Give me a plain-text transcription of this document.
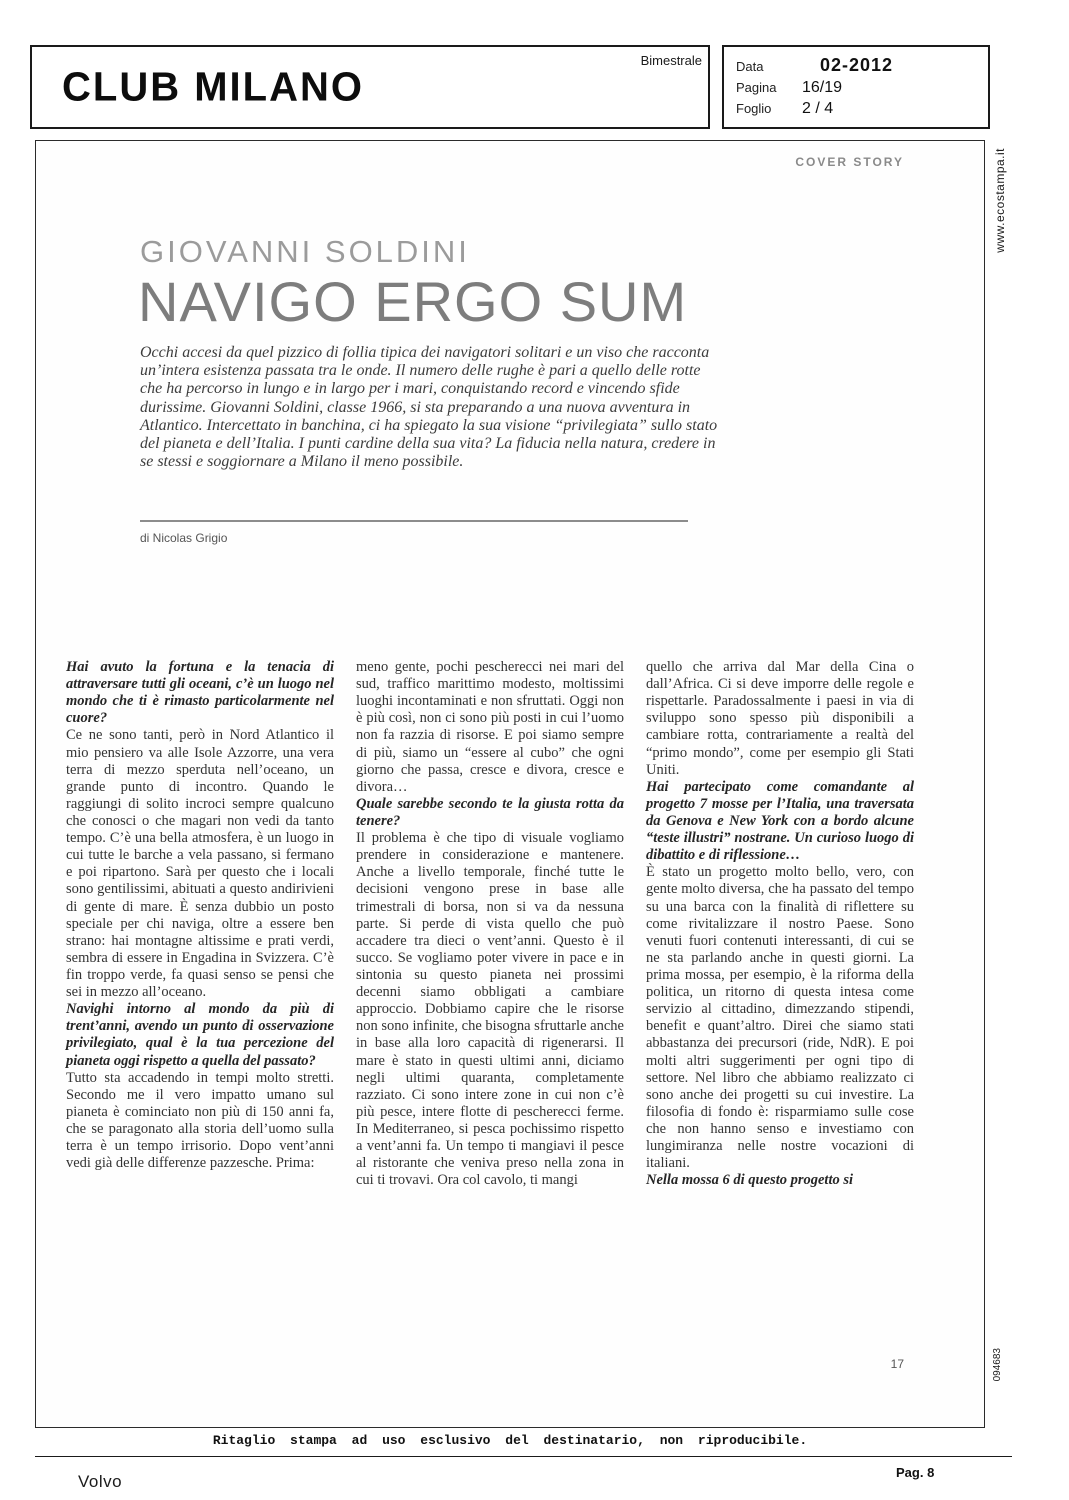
CLUB MILANO
Bimestrale	Data	02-2012
Pagina	16/19
Foglio	2 / 4
COVER STORY
GIOVANNI SOLDINI
NAVIGO ERGO SUM
Occhi accesi da quel pizzico di follia tipica dei navigatori solitari e un viso che racconta un’intera esistenza passata tra le onde. Il numero delle rughe è pari a quello delle rotte che ha percorso in lungo e in largo per i mari, conquistando record e vincendo sfide durissime. Giovanni Soldini, classe 1966, si sta preparando a una nuova avventura in Atlantico. Intercettato in banchina, ci ha spiegato la sua visione “privilegiata” sullo stato del pianeta e dell’Italia. I punti cardine della sua vita? La fiducia nella natura, credere in se stessi e soggiornare a Milano il meno possibile.
di Nicolas Grigio

Hai avuto la fortuna e la tenacia di attraversare tutti gli oceani, c’è un luogo nel mondo che ti è rimasto particolarmente nel cuore?

Ce ne sono tanti, però in Nord Atlantico il mio pensiero va alle Isole Azzorre, una vera terra di mezzo sperduta nell’oceano, un grande punto di incontro. Quando le raggiungi di solito incroci sempre qualcuno che conosci o che magari non vedi da tanto tempo. C’è una bella atmosfera, è un luogo in cui tutte le barche a vela passano, si fermano e poi ripartono. Sarà per questo che i locali sono gentilissimi, abituati a questo andirivieni di gente di mare. È senza dubbio un posto speciale per chi naviga, oltre a essere ben strano: hai montagne altissime e prati verdi, sembra di essere in Engadina in Svizzera. C’è fin troppo verde, fa quasi senso se pensi che sei in mezzo all’oceano.

Navighi intorno al mondo da più di trent’anni, avendo un punto di osservazione privilegiato, qual è la tua percezione del pianeta oggi rispetto a quella del passato?

Tutto sta accadendo in tempi molto stretti. Secondo me il vero impatto umano sul pianeta è cominciato non più di 150 anni fa, che se paragonato alla storia dell’uomo sulla terra è un tempo irrisorio. Dopo vent’anni vedi già delle differenze pazzesche. Prima:

meno gente, pochi pescherecci nei mari del sud, traffico marittimo modesto, moltissimi luoghi incontaminati e non sfruttati. Oggi non è più così, non ci sono più posti in cui l’uomo non fa razzia di risorse. E poi siamo sempre di più, siamo un “essere al cubo” che ogni giorno che passa, cresce e divora, cresce e divora…

Quale sarebbe secondo te la giusta rotta da tenere?

Il problema è che tipo di visuale vogliamo prendere in considerazione e mantenere. Anche a livello temporale, finché tutte le decisioni vengono prese in base alle trimestrali di borsa, non si va da nessuna parte. Si perde di vista quello che può accadere tra dieci o vent’anni. Questo è il succo. Se vogliamo poter vivere in pace e in sintonia su questo pianeta nei prossimi decenni siamo obbligati a cambiare approccio. Dobbiamo capire che le risorse non sono infinite, che bisogna sfruttarle anche in base alla loro capacità di rigenerarsi. Il mare è stato in questi ultimi anni, diciamo negli ultimi quaranta, completamente razziato. Ci sono intere zone in cui non c’è più pesce, intere flotte di pescherecci ferme. In Mediterraneo, si pesca pochissimo rispetto a vent’anni fa. Un tempo ti mangiavi il pesce al ristorante che veniva preso nella zona in cui ti trovavi. Ora col cavolo, ti mangi

quello che arriva dal Mar della Cina o dall’Africa. Ci si deve imporre delle regole e rispettarle. Paradossalmente i paesi in via di sviluppo sono spesso più disponibili a cambiare rotta, contrariamente a realtà del “primo mondo”, come per esempio gli Stati Uniti.

Hai partecipato come comandante al progetto 7 mosse per l’Italia, una traversata da Genova e New York con a bordo alcune “teste illustri” nostrane. Un curioso luogo di dibattito e di riflessione…

È stato un progetto molto bello, vero, con gente molto diversa, che ha passato del tempo su una barca con la finalità di riflettere su come rivitalizzare il nostro Paese. Sono venuti fuori contenuti interessanti, di cui se ne sta parlando anche in questi giorni. La prima mossa, per esempio, è la riforma della politica, un ritorno di questa intesa come servizio al cittadino, dimezzando stipendi, benefit e quant’altro. Direi che siamo stati abbastanza dei precursori (ride, NdR). E poi molti altri suggerimenti per ogni tipo di settore. Nel libro che abbiamo realizzato ci sono anche dei progetti su cui investire. La filosofia di fondo è: risparmiamo sulle cose che non hanno senso e investiamo con lungimiranza nelle nostre vocazioni di italiani.

Nella mossa 6 di questo progetto si

17
Ritaglio stampa ad uso esclusivo del destinatario, non riproducibile.
Volvo	Pag. 8
www.ecostampa.it
094683
